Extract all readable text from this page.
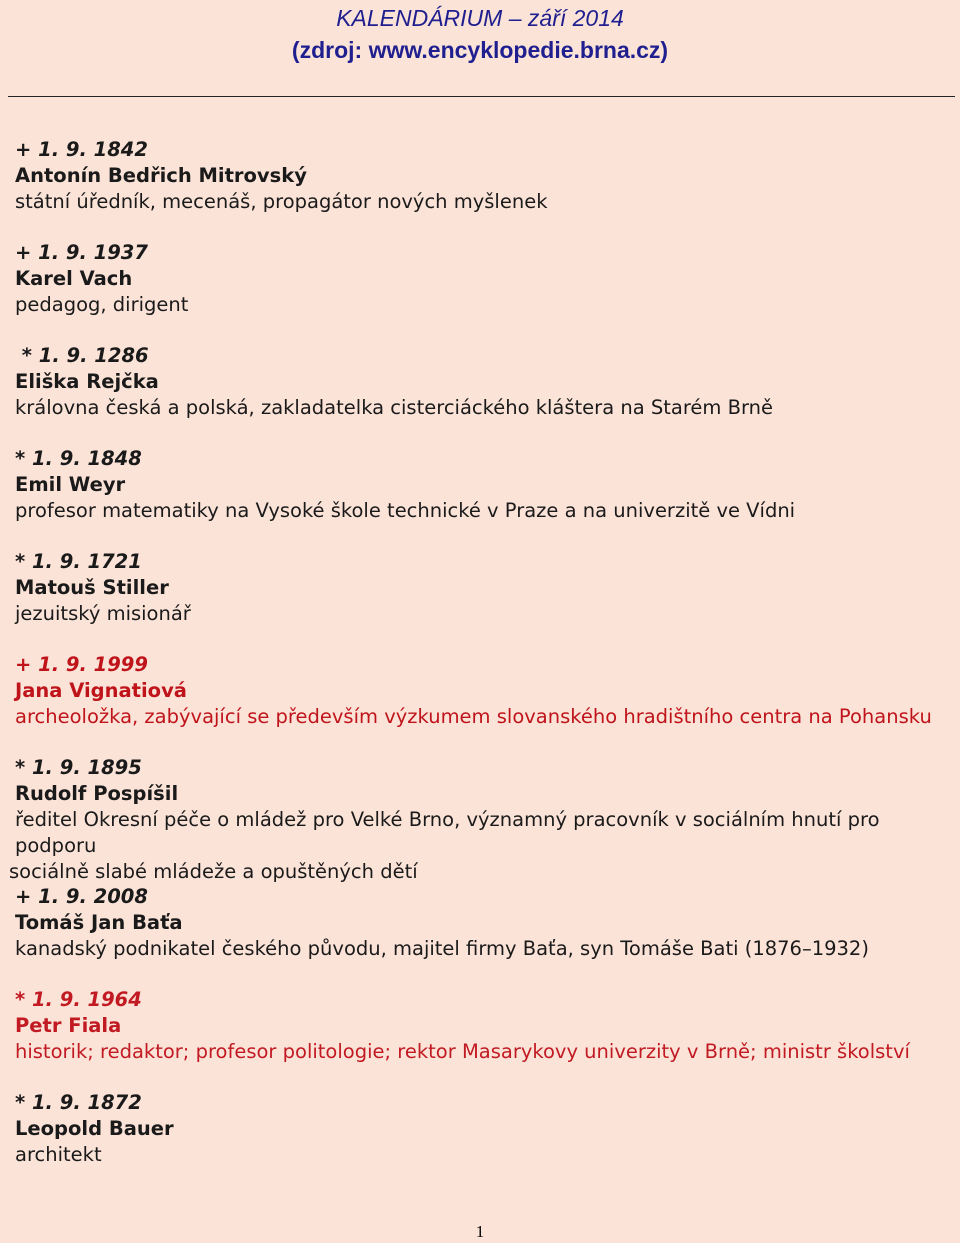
KALENDÁRIUM – září 2014
(zdroj: www.encyklopedie.brna.cz)
+ 1. 9. 1842
Antonín Bedřich Mitrovský
státní úředník, mecenáš, propagátor nových myšlenek
+ 1. 9. 1937
Karel Vach
pedagog, dirigent
* 1. 9. 1286
Eliška Rejčka
královna česká a polská, zakladatelka cisterciáckého kláštera na Starém Brně
* 1. 9. 1848
Emil Weyr
profesor matematiky na Vysoké škole technické v Praze a na univerzitě ve Vídni
* 1. 9. 1721
Matouš Stiller
jezuitský misionář
+ 1. 9. 1999
Jana Vignatiová
archeoložka, zabývající se především výzkumem slovanského hradištního centra na Pohansku
* 1. 9. 1895
Rudolf Pospíšil
ředitel Okresní péče o mládež pro Velké Brno, významný pracovník v sociálním hnutí pro podporu
sociálně slabé mládeže a opuštěných dětí
+ 1. 9. 2008
Tomáš Jan Baťa
kanadský podnikatel českého původu, majitel firmy Baťa, syn Tomáše Bati (1876–1932)
* 1. 9. 1964
Petr Fiala
historik; redaktor; profesor politologie; rektor Masarykovy univerzity v Brně; ministr školství
* 1. 9. 1872
Leopold Bauer
architekt
1
